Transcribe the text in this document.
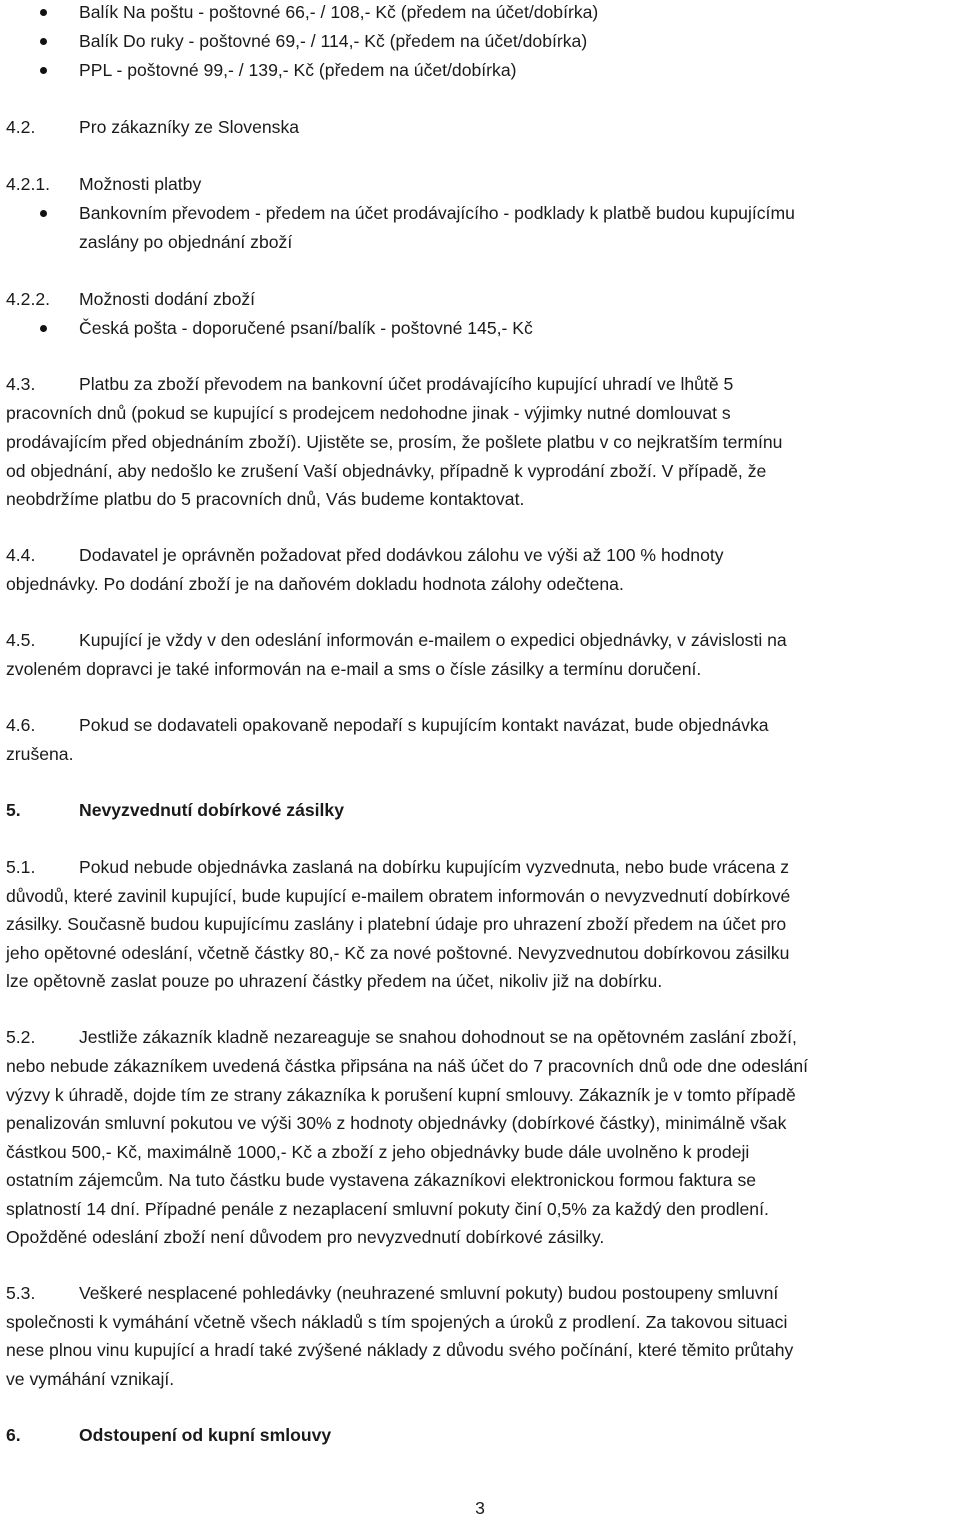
Balík Na poštu - poštovné 66,- / 108,- Kč (předem na účet/dobírka)
Balík Do ruky - poštovné 69,- / 114,- Kč (předem na účet/dobírka)
PPL - poštovné 99,- / 139,- Kč (předem na účet/dobírka)
4.2. Pro zákazníky ze Slovenska
4.2.1. Možnosti platby
Bankovním převodem - předem na účet prodávajícího - podklady k platbě budou kupujícímu
zaslány po objednání zboží
4.2.2. Možnosti dodání zboží
Česká pošta - doporučené psaní/balík - poštovné 145,- Kč
4.3. Platbu za zboží převodem na bankovní účet prodávajícího kupující uhradí ve lhůtě 5
pracovních dnů (pokud se kupující s prodejcem nedohodne jinak - výjimky nutné domlouvat s
prodávajícím před objednáním zboží). Ujistěte se, prosím, že pošlete platbu v co nejkratším termínu
od objednání, aby nedošlo ke zrušení Vaší objednávky, případně k vyprodání zboží. V případě, že
neobdržíme platbu do 5 pracovních dnů, Vás budeme kontaktovat.
4.4. Dodavatel je oprávněn požadovat před dodávkou zálohu ve výši až 100 % hodnoty
objednávky. Po dodání zboží je na daňovém dokladu hodnota zálohy odečtena.
4.5. Kupující je vždy v den odeslání informován e-mailem o expedici objednávky, v závislosti na
zvoleném dopravci je také informován na e-mail a sms o čísle zásilky a termínu doručení.
4.6. Pokud se dodavateli opakovaně nepodaří s kupujícím kontakt navázat, bude objednávka
zrušena.
5.	Nevyzvednutí dobírkové zásilky
5.1. Pokud nebude objednávka zaslaná na dobírku kupujícím vyzvednuta, nebo bude vrácena z
důvodů, které zavinil kupující, bude kupující e-mailem obratem informován o nevyzvednutí dobírkové
zásilky. Současně budou kupujícímu zaslány i platební údaje pro uhrazení zboží předem na účet pro
jeho opětovné odeslání, včetně částky 80,- Kč za nové poštovné. Nevyzvednutou dobírkovou zásilku
lze opětovně zaslat pouze po uhrazení částky předem na účet, nikoliv již na dobírku.
5.2. Jestliže zákazník kladně nezareaguje se snahou dohodnout se na opětovném zaslání zboží,
nebo nebude zákazníkem uvedená částka připsána na náš účet do 7 pracovních dnů ode dne odeslání
výzvy k úhradě, dojde tím ze strany zákazníka k porušení kupní smlouvy. Zákazník je v tomto případě
penalizován smluvní pokutou ve výši 30% z hodnoty objednávky (dobírkové částky), minimálně však
částkou 500,- Kč, maximálně 1000,- Kč a zboží z jeho objednávky bude dále uvolněno k prodeji
ostatním zájemcům. Na tuto částku bude vystavena zákazníkovi elektronickou formou faktura se
splatností 14 dní. Případné penále z nezaplacení smluvní pokuty činí 0,5% za každý den prodlení.
Opožděné odeslání zboží není důvodem pro nevyzvednutí dobírkové zásilky.
5.3. Veškeré nesplacené pohledávky (neuhrazené smluvní pokuty) budou postoupeny smluvní
společnosti k vymáhání včetně všech nákladů s tím spojených a úroků z prodlení. Za takovou situaci
nese plnou vinu kupující a hradí také zvýšené náklady z důvodu svého počínání, které těmito průtahy
ve vymáhání vznikají.
6.	Odstoupení od kupní smlouvy
3
